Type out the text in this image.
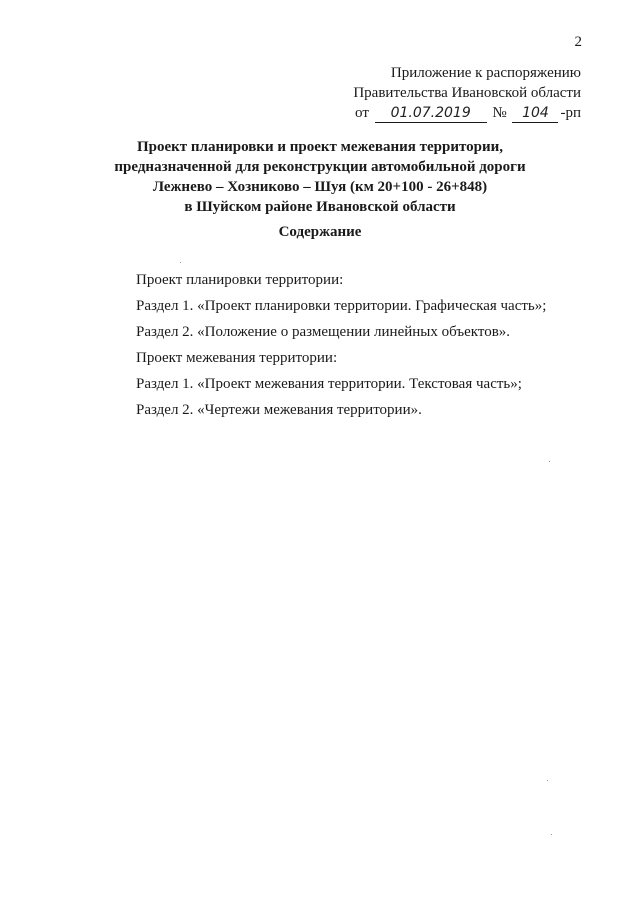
2
Приложение к распоряжению
Правительства Ивановской области
от 01.07.2019 № 104 -рп
Проект планировки и проект межевания территории,
предназначенной для реконструкции автомобильной дороги
Лежнево – Хозниково – Шуя (км 20+100 - 26+848)
в Шуйском районе Ивановской области
Содержание
Проект планировки территории:
Раздел 1. «Проект планировки территории. Графическая часть»;
Раздел 2. «Положение о размещении линейных объектов».
Проект межевания территории:
Раздел 1. «Проект межевания территории. Текстовая часть»;
Раздел 2. «Чертежи межевания территории».
